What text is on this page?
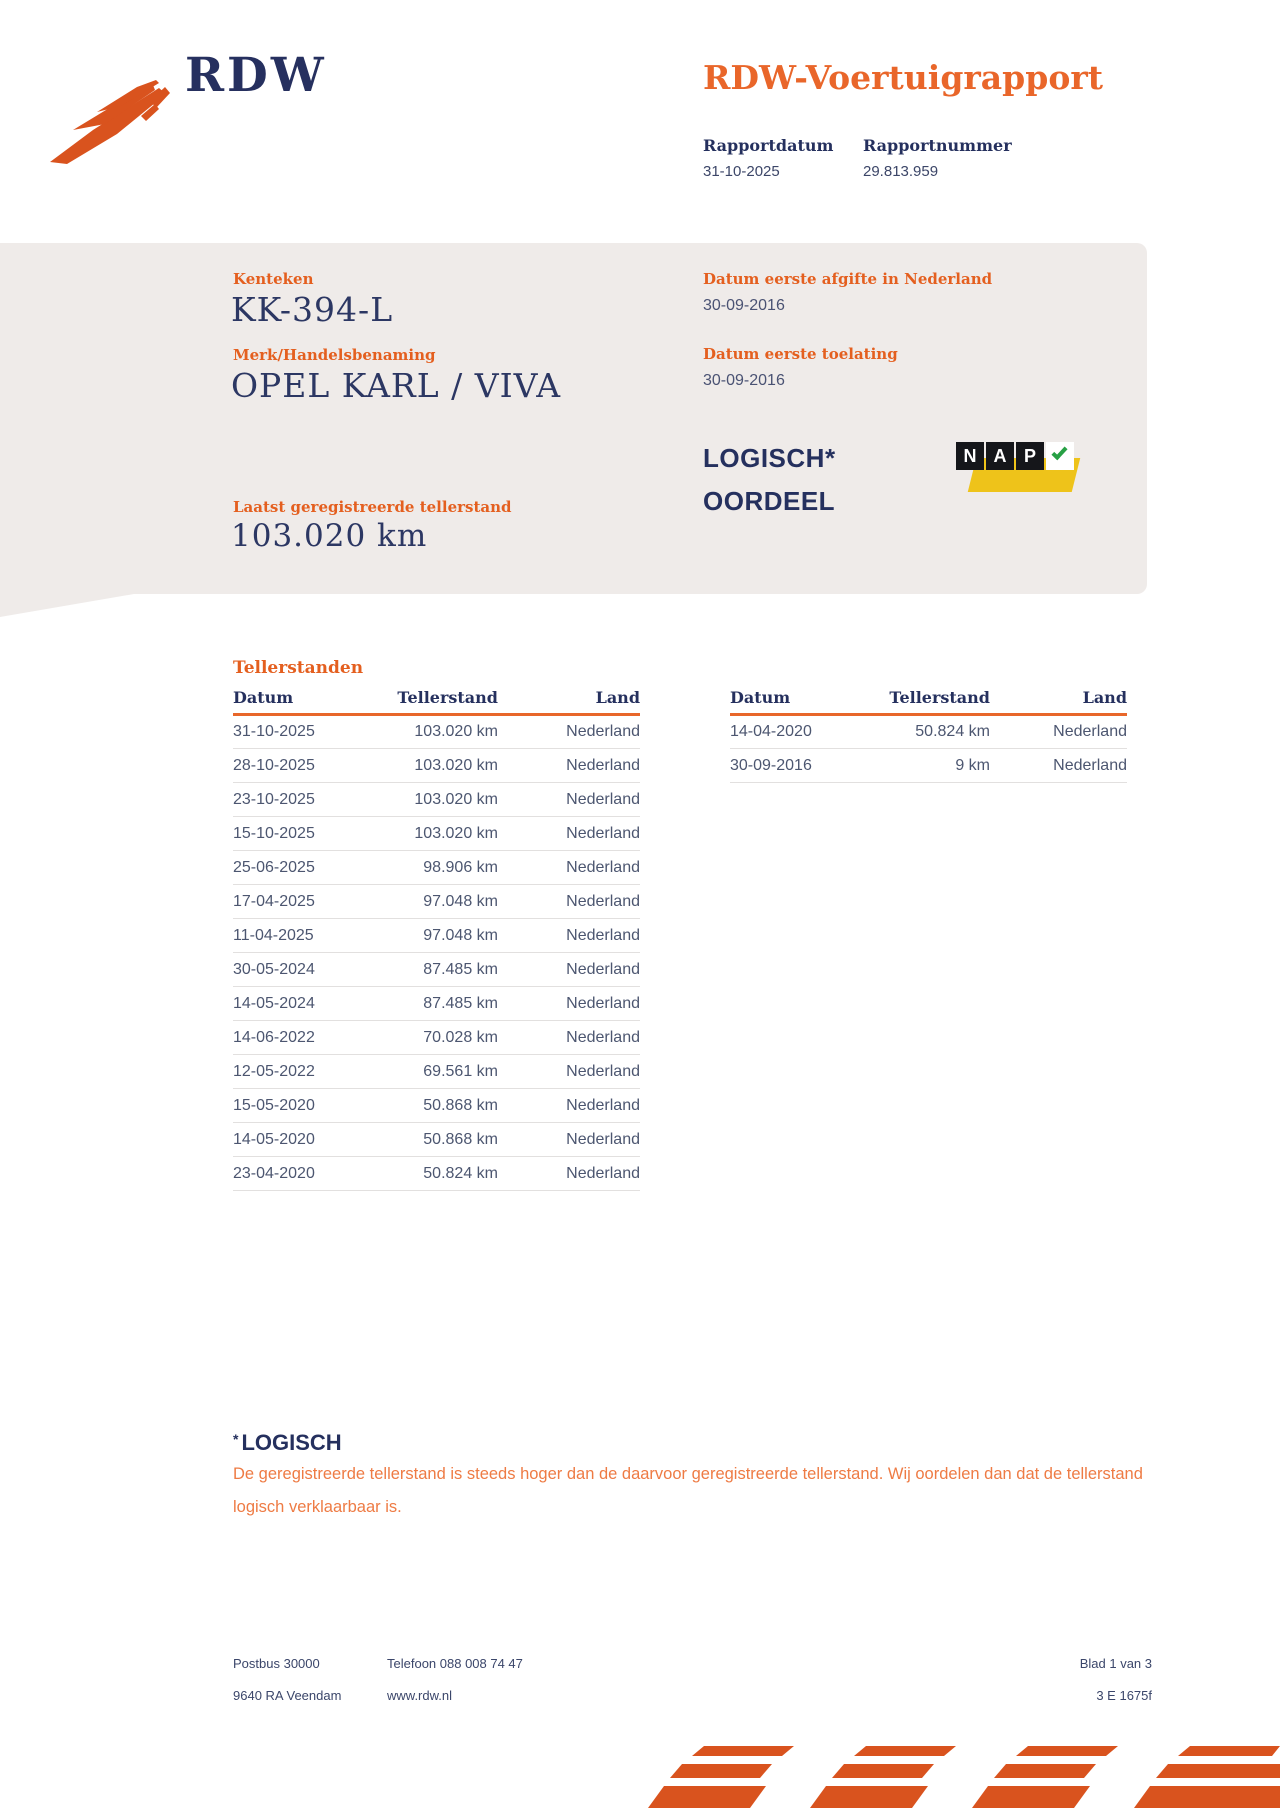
RDW	RDW-Voertuigrapport
Rapportdatum Rapportnummer
31-10-2025	29.813.959
Kenteken
KK-394-L
Merk/Handelsbenaming
OPEL KARL / VIVA
Datum eerste afgifte in Nederland
30-09-2016
Datum eerste toelating
30-09-2016
LOGISCH*
OORDEEL
N A P
Laatst geregistreerde tellerstand
103.020 km
Tellerstanden
Datum	Tellerstand	Land
31-10-2025	103.020 km	Nederland
28-10-2025	103.020 km	Nederland
23-10-2025	103.020 km	Nederland
15-10-2025	103.020 km	Nederland
25-06-2025	98.906 km	Nederland
17-04-2025	97.048 km	Nederland
11-04-2025	97.048 km	Nederland
30-05-2024	87.485 km	Nederland
14-05-2024	87.485 km	Nederland
14-06-2022	70.028 km	Nederland
12-05-2022	69.561 km	Nederland
15-05-2020	50.868 km	Nederland
14-05-2020	50.868 km	Nederland
23-04-2020	50.824 km	Nederland
Datum	Tellerstand	Land
14-04-2020	50.824 km	Nederland
30-09-2016	9 km	Nederland
* LOGISCH
De geregistreerde tellerstand is steeds hoger dan de daarvoor geregistreerde tellerstand. Wij oordelen dan dat de tellerstand logisch verklaarbaar is.
Postbus 30000	Telefoon 088 008 74 47	Blad 1 van 3
9640 RA Veendam	www.rdw.nl	3 E 1675f
